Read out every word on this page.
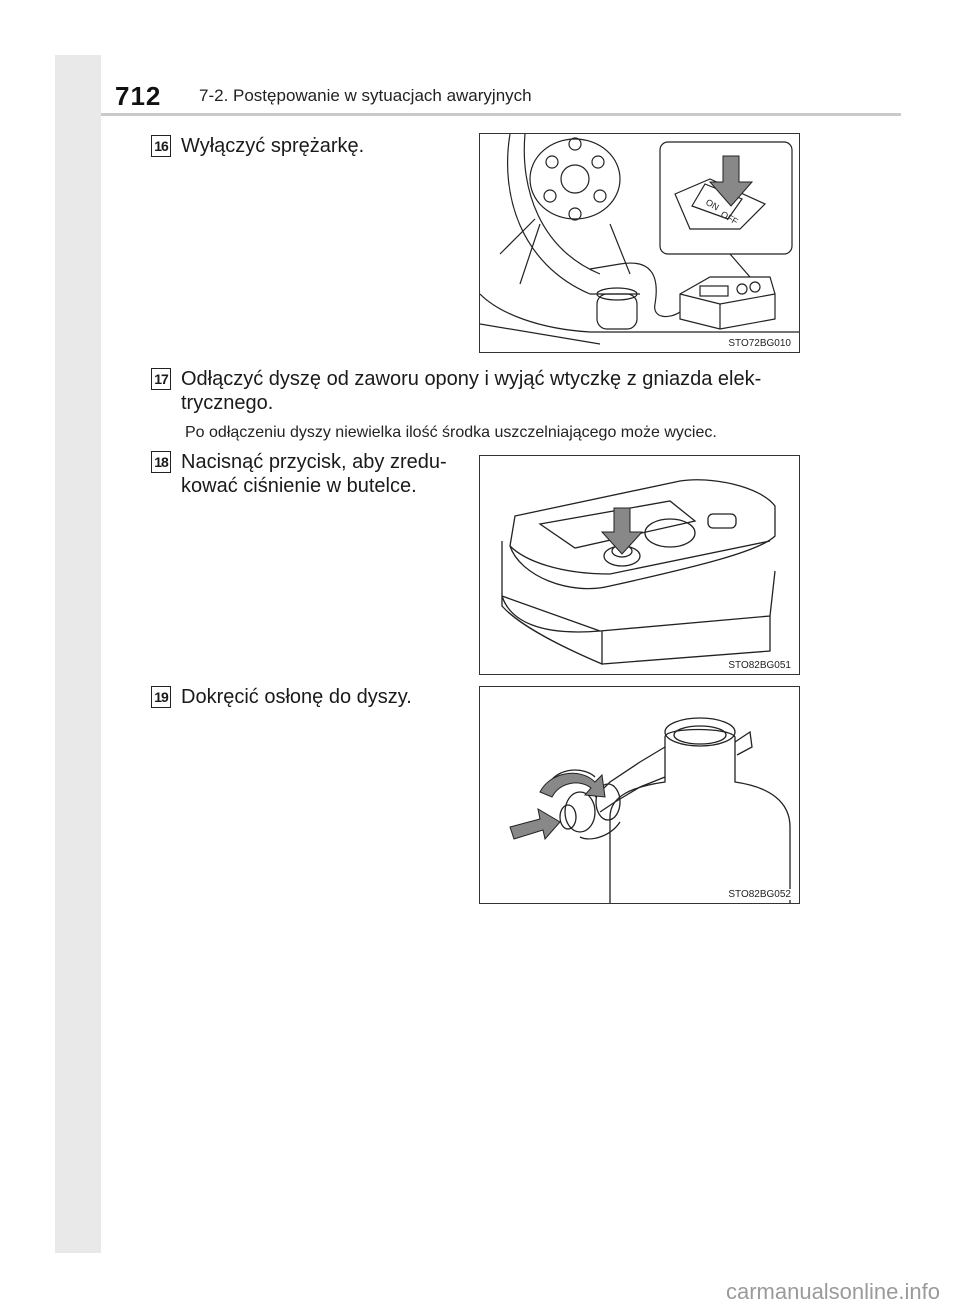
712 7-2. Postępowanie w sytuacjach awaryjnych
16 Wyłączyć sprężarkę.
ON
OFF
STO72BG010
17 Odłączyć dyszę od zaworu opony i wyjąć wtyczkę z gniazda elek-
trycznego.
Po odłączeniu dyszy niewielka ilość środka uszczelniającego może wyciec.
18 Nacisnąć przycisk, aby zredu-
kować ciśnienie w butelce.
STO82BG051
19 Dokręcić osłonę do dyszy.
STO82BG052
carmanualsonline.info
